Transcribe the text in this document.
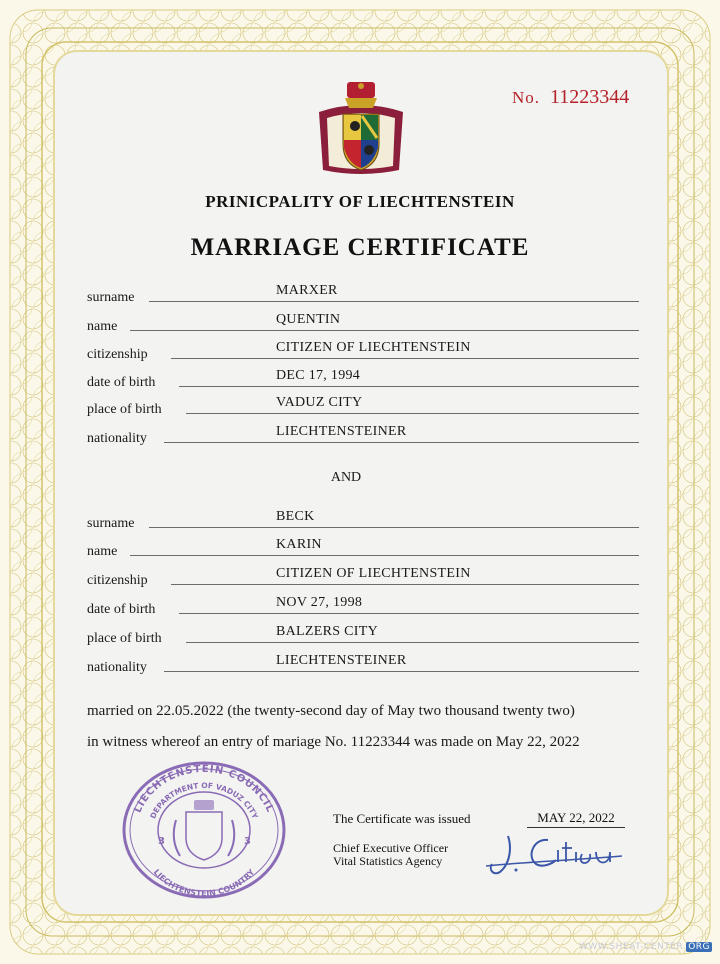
No. 11223344
PRINICPALITY OF LIECHTENSTEIN
MARRIAGE CERTIFICATE
surname	MARXER
name	QUENTIN
citizenship	CITIZEN OF LIECHTENSTEIN
date of birth	DEC 17, 1994
place of birth	VADUZ CITY
nationality	LIECHTENSTEINER
AND
surname	BECK
name	KARIN
citizenship	CITIZEN OF LIECHTENSTEIN
date of birth	NOV 27, 1998
place of birth	BALZERS CITY
nationality	LIECHTENSTEINER
married on 22.05.2022 (the twenty-second day of May two thousand twenty two)
in witness whereof an entry of mariage No. 11223344 was made on May 22, 2022
LIECHTENSTEIN COUNCIL
DEPARTMENT OF VADUZ CITY
LIECHTENSTEIN COUNTRY
3	3
The Certificate was issued	MAY 22, 2022
Chief Executive Officer
Vital Statistics Agency
WWW.SHEAT-CENTER. ORG
